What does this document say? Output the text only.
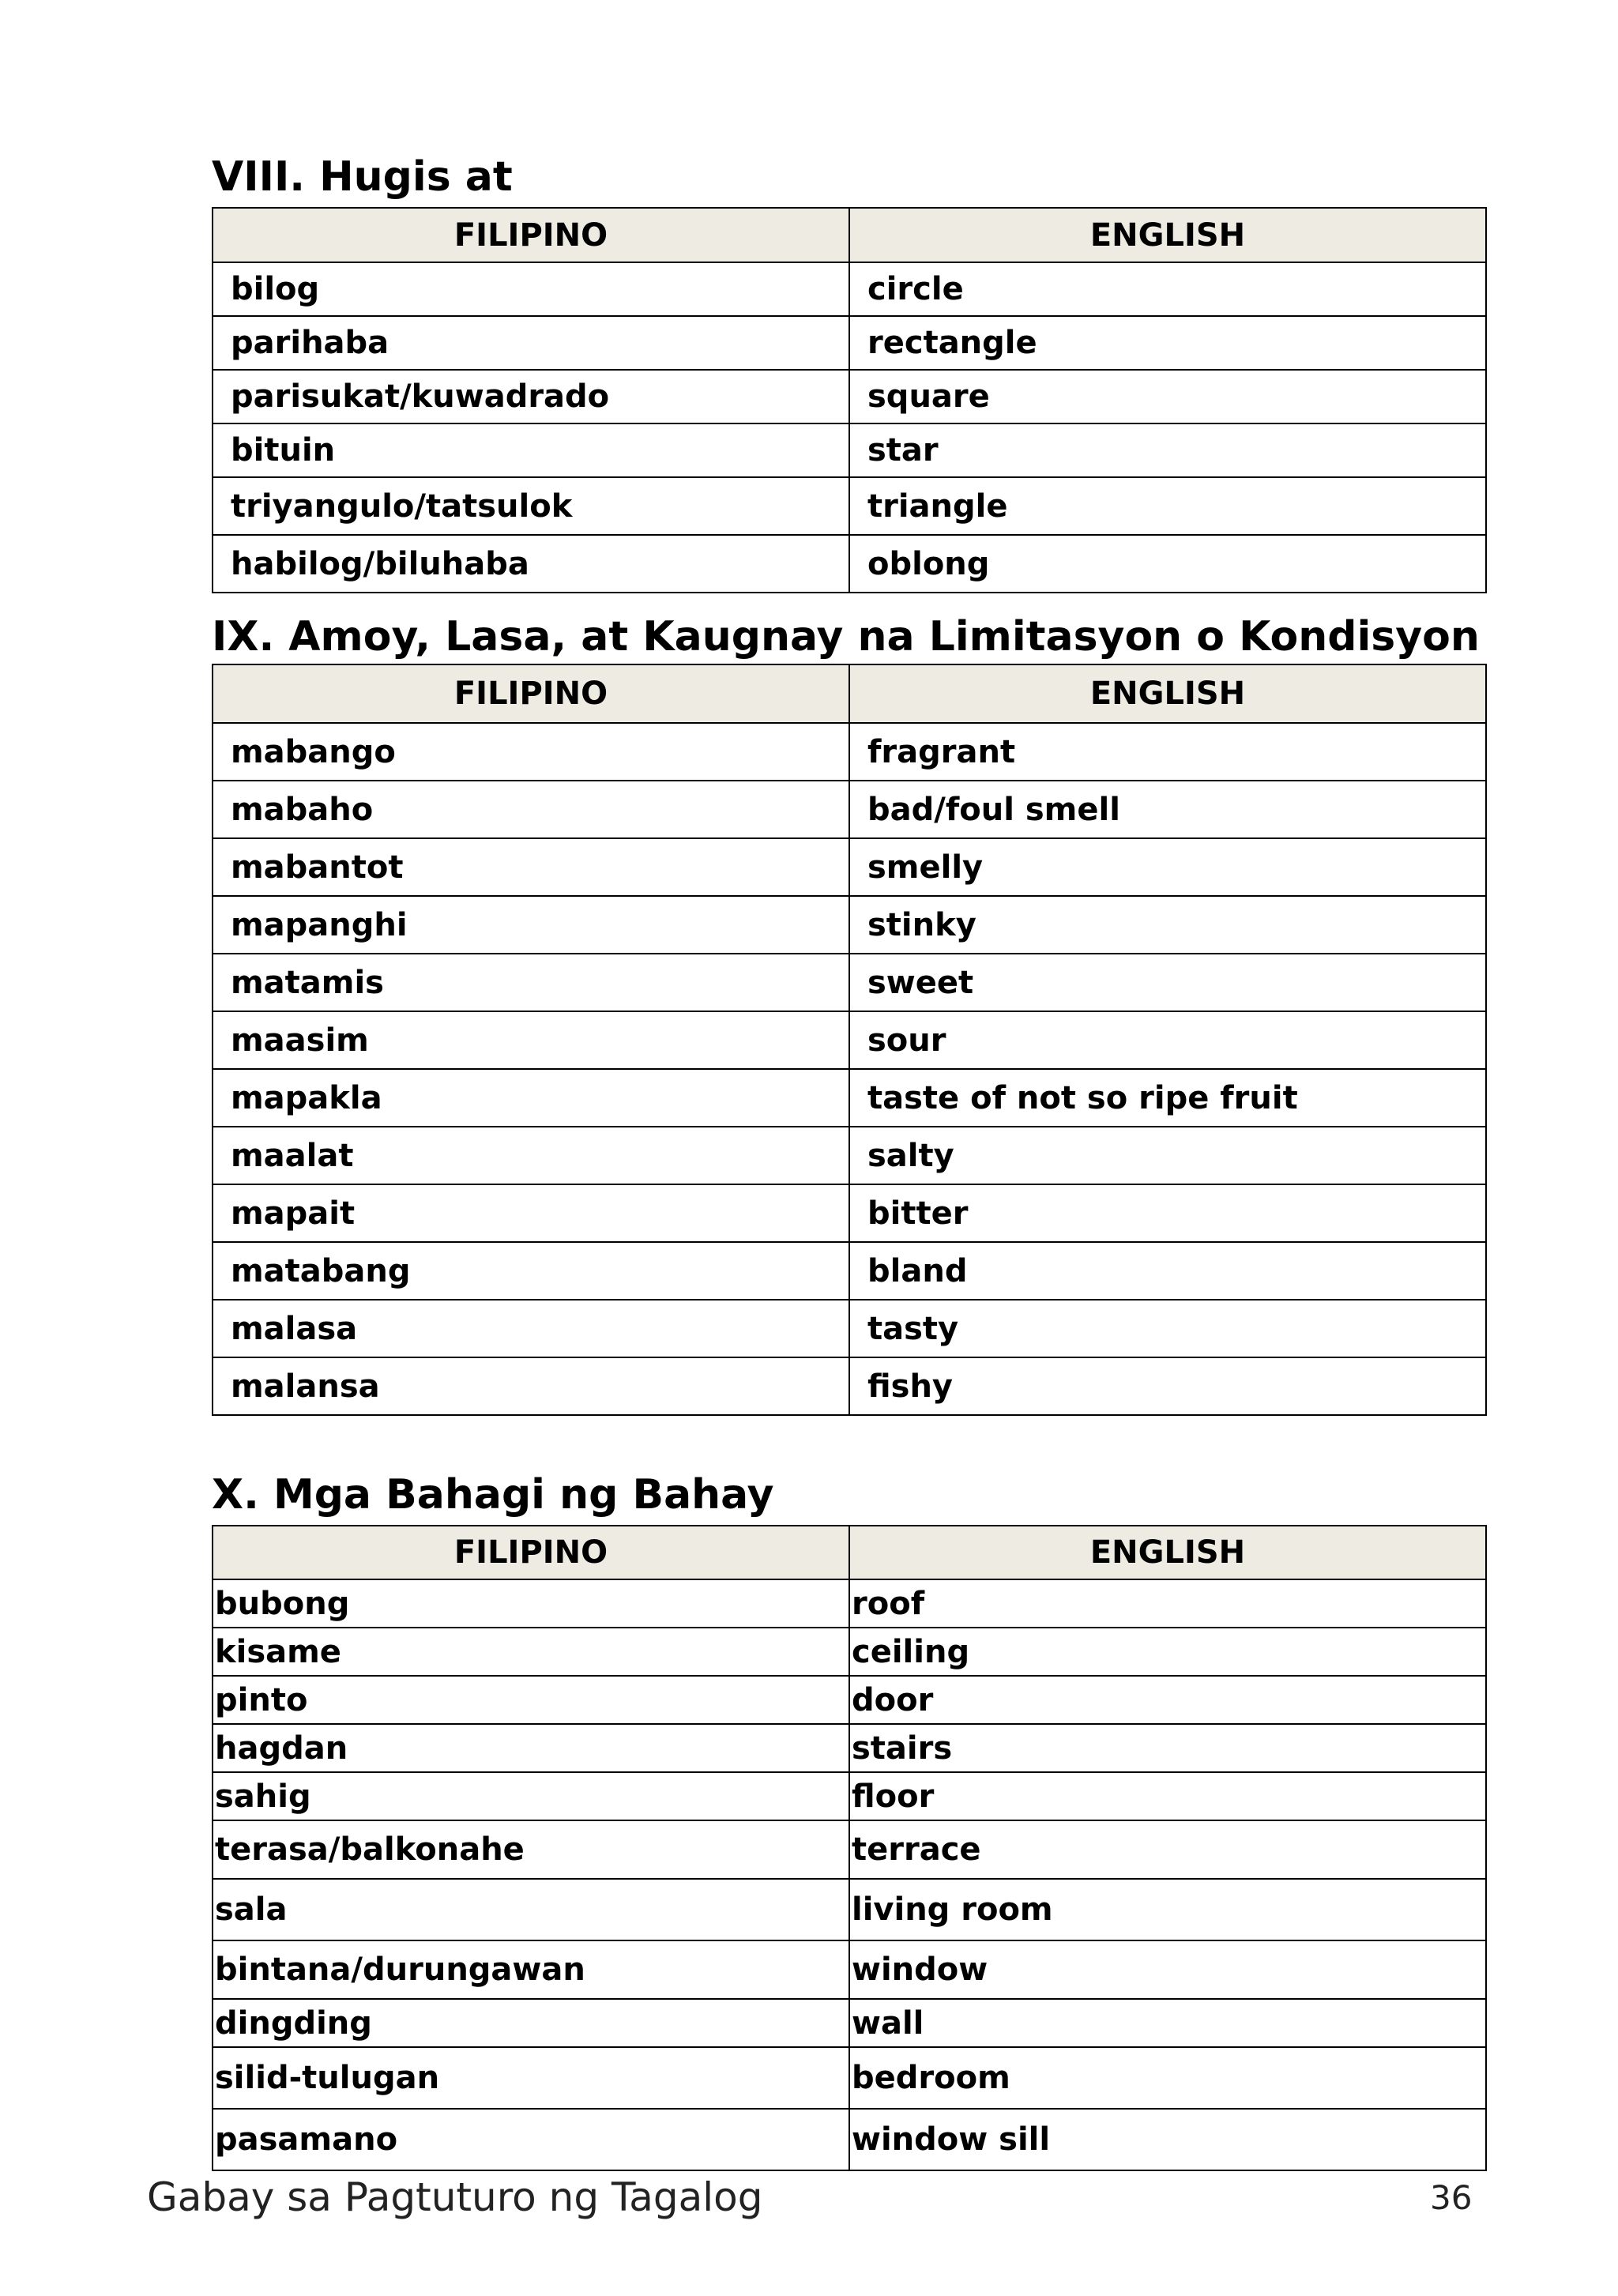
VIII. Hugis at
FILIPINO	ENGLISH
bilog	circle
parihaba	rectangle
parisukat/kuwadrado	square
bituin	star
triyangulo/tatsulok	triangle
habilog/biluhaba	oblong
IX. Amoy, Lasa, at Kaugnay na Limitasyon o Kondisyon
FILIPINO	ENGLISH
mabango	fragrant
mabaho	bad/foul smell
mabantot	smelly
mapanghi	stinky
matamis	sweet
maasim	sour
mapakla	taste of not so ripe fruit
maalat	salty
mapait	bitter
matabang	bland
malasa	tasty
malansa	fishy
X. Mga Bahagi ng Bahay
FILIPINO	ENGLISH
bubong	roof
kisame	ceiling
pinto	door
hagdan	stairs
sahig	floor
terasa/balkonahe	terrace
sala	living room
bintana/durungawan	window
dingding	wall
silid-tulugan	bedroom
pasamano	window sill
Gabay sa Pagtuturo ng Tagalog	36
